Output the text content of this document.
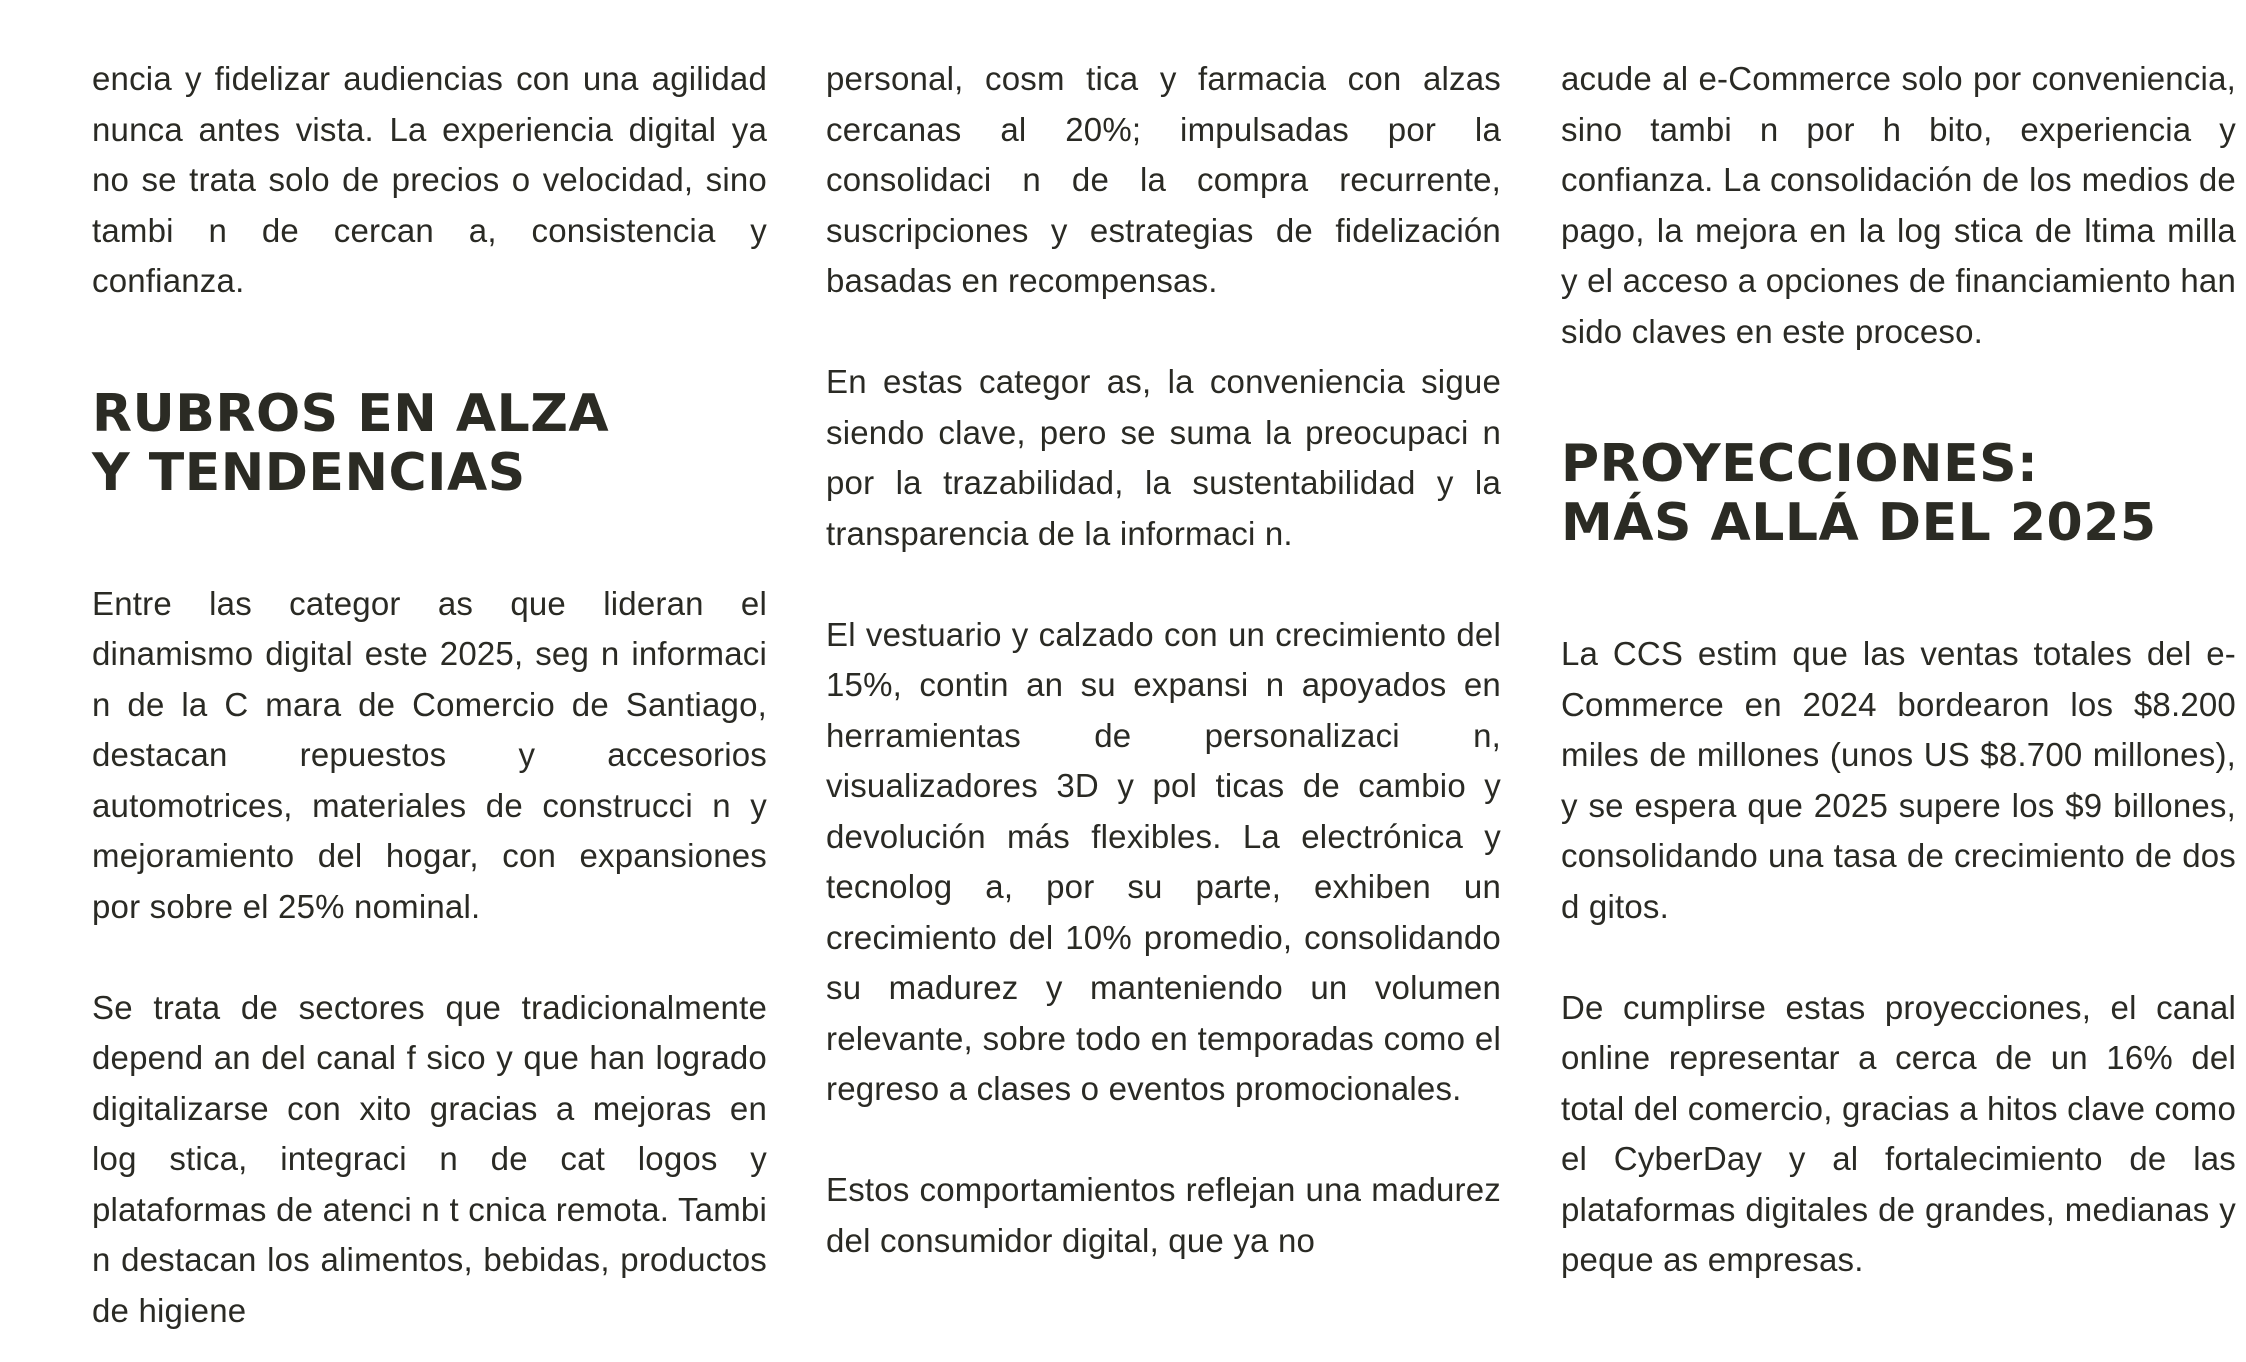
encia y fidelizar audiencias con una agilidad nunca antes vista. La experiencia digital ya no se trata solo de precios o velocidad, sino tambi n de cercan a, consistencia y confianza.

RUBROS EN ALZA
Y TENDENCIAS

Entre las categor as que lideran el dinamismo digital este 2025, seg n informaci n de la C mara de Comercio de Santiago, destacan repuestos y accesorios automotrices, materiales de construcci n y mejoramiento del hogar, con expansiones por sobre el 25% nominal.

Se trata de sectores que tradicionalmente depend an del canal f sico y que han logrado digitalizarse con xito gracias a mejoras en log stica, integraci n de cat logos y plataformas de atenci n t cnica remota. Tambi n destacan los alimentos, bebidas, productos de higiene

personal, cosm tica y farmacia con alzas cercanas al 20%; impulsadas por la consolidaci n de la compra recurrente, suscripciones y estrategias de fidelización basadas en recompensas.

En estas categor as, la conveniencia sigue siendo clave, pero se suma la preocupaci n por la trazabilidad, la sustentabilidad y la transparencia de la informaci n.

El vestuario y calzado con un crecimiento del 15%, contin an su expansi n apoyados en herramientas de personalizaci n, visualizadores 3D y pol ticas de cambio y devolución más flexibles. La electrónica y tecnolog a, por su parte, exhiben un crecimiento del 10% promedio, consolidando su madurez y manteniendo un volumen relevante, sobre todo en temporadas como el regreso a clases o eventos promocionales.

Estos comportamientos reflejan una madurez del consumidor digital, que ya no

acude al e-Commerce solo por conveniencia, sino tambi n por h bito, experiencia y confianza. La consolidación de los medios de pago, la mejora en la log stica de ltima milla y el acceso a opciones de financiamiento han sido claves en este proceso.

PROYECCIONES:
MÁS ALLÁ DEL 2025

La CCS estim que las ventas totales del e-Commerce en 2024 bordearon los $8.200 miles de millones (unos US $8.700 millones), y se espera que 2025 supere los $9 billones, consolidando una tasa de crecimiento de dos d gitos.

De cumplirse estas proyecciones, el canal online representar a cerca de un 16% del total del comercio, gracias a hitos clave como el CyberDay y al fortalecimiento de las plataformas digitales de grandes, medianas y peque as empresas.
